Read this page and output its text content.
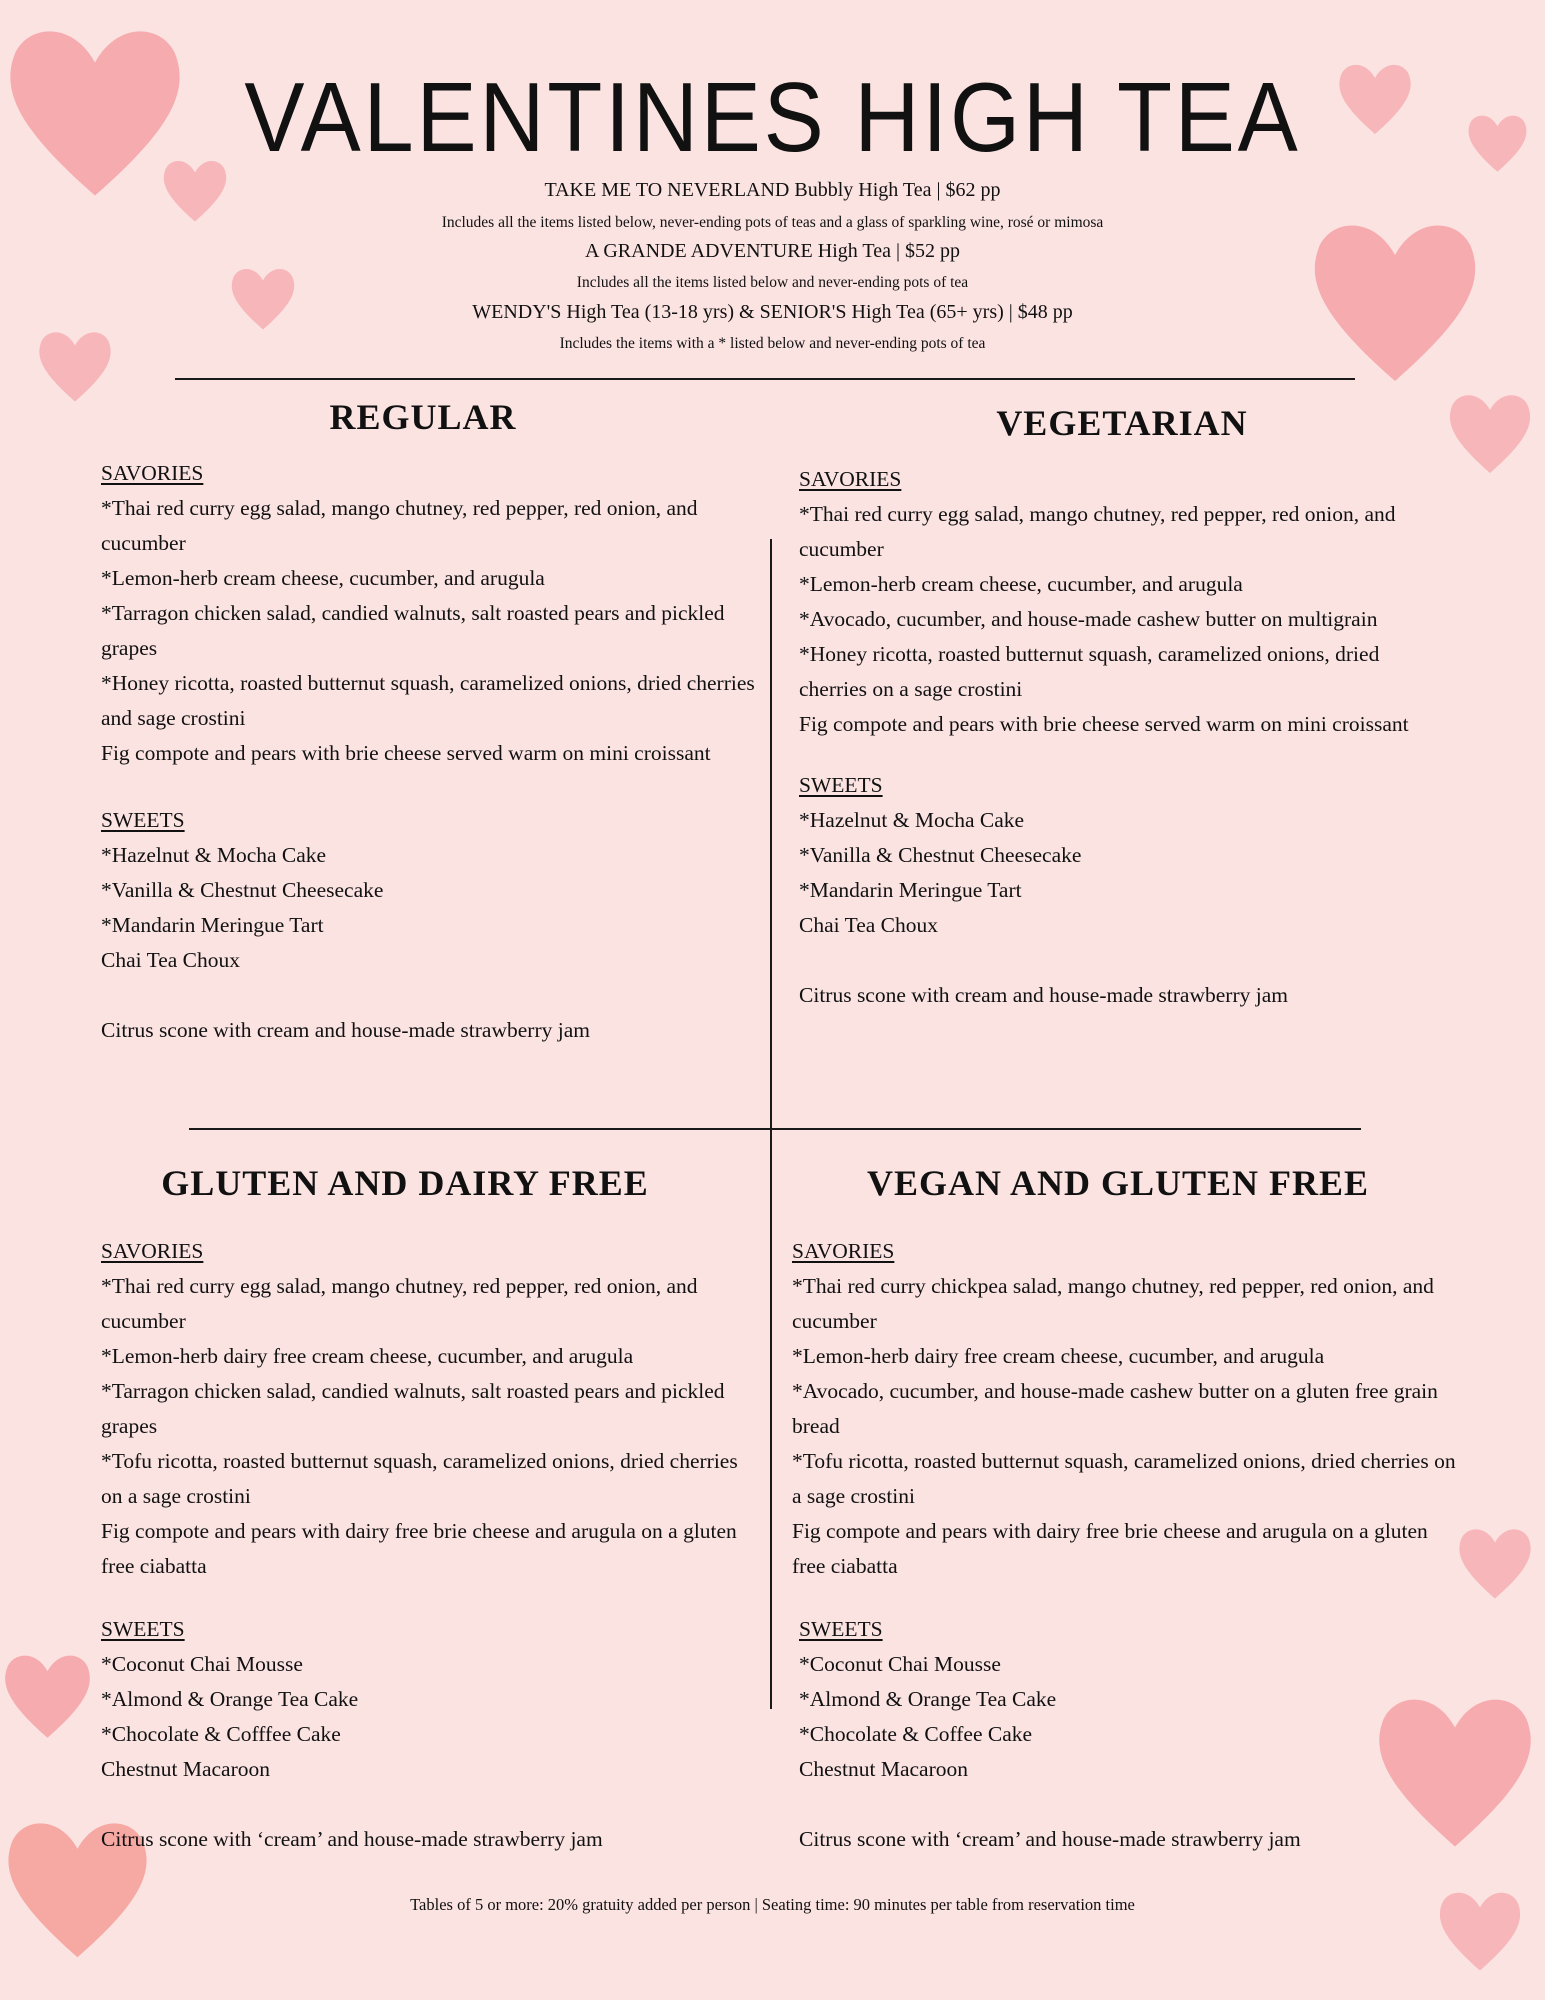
VALENTINES HIGH TEA
TAKE ME TO NEVERLAND Bubbly High Tea | $62 pp
Includes all the items listed below, never-ending pots of teas and a glass of sparkling wine, rosé or mimosa
A GRANDE ADVENTURE High Tea | $52 pp
Includes all the items listed below and never-ending pots of tea
WENDY'S High Tea (13-18 yrs) & SENIOR'S High Tea (65+ yrs) | $48 pp
Includes the items with a * listed below and never-ending pots of tea
REGULAR
SAVORIES
*Thai red curry egg salad, mango chutney, red pepper, red onion, and cucumber
*Lemon-herb cream cheese, cucumber, and arugula
*Tarragon chicken salad, candied walnuts, salt roasted pears and pickled grapes
*Honey ricotta, roasted butternut squash, caramelized onions, dried cherries and sage crostini
Fig compote and pears with brie cheese served warm on mini croissant
SWEETS
*Hazelnut & Mocha Cake
*Vanilla & Chestnut Cheesecake
*Mandarin Meringue Tart
Chai Tea Choux
Citrus scone with cream and house-made strawberry jam
VEGETARIAN
SAVORIES
*Thai red curry egg salad, mango chutney, red pepper, red onion, and cucumber
*Lemon-herb cream cheese, cucumber, and arugula
*Avocado, cucumber, and house-made cashew butter on multigrain
*Honey ricotta, roasted butternut squash, caramelized onions, dried cherries on a sage crostini
Fig compote and pears with brie cheese served warm on mini croissant
SWEETS
*Hazelnut & Mocha Cake
*Vanilla & Chestnut Cheesecake
*Mandarin Meringue Tart
Chai Tea Choux
Citrus scone with cream and house-made strawberry jam
GLUTEN AND DAIRY FREE
SAVORIES
*Thai red curry egg salad, mango chutney, red pepper, red onion, and cucumber
*Lemon-herb dairy free cream cheese, cucumber, and arugula
*Tarragon chicken salad, candied walnuts, salt roasted pears and pickled grapes
*Tofu ricotta, roasted butternut squash, caramelized onions, dried cherries on a sage crostini
Fig compote and pears with dairy free brie cheese and arugula on a gluten free ciabatta
SWEETS
*Coconut Chai Mousse
*Almond & Orange Tea Cake
*Chocolate & Cofffee Cake
Chestnut Macaroon
Citrus scone with ‘cream’ and house-made strawberry jam
VEGAN AND GLUTEN FREE
SAVORIES
*Thai red curry chickpea salad, mango chutney, red pepper, red onion, and cucumber
*Lemon-herb dairy free cream cheese, cucumber, and arugula
*Avocado, cucumber, and house-made cashew butter on a gluten free grain bread
*Tofu ricotta, roasted butternut squash, caramelized onions, dried cherries on a sage crostini
Fig compote and pears with dairy free brie cheese and arugula on a gluten free ciabatta
SWEETS
*Coconut Chai Mousse
*Almond & Orange Tea Cake
*Chocolate & Coffee Cake
Chestnut Macaroon
Citrus scone with ‘cream’ and house-made strawberry jam
Tables of 5 or more: 20% gratuity added per person | Seating time: 90 minutes per table from reservation time
